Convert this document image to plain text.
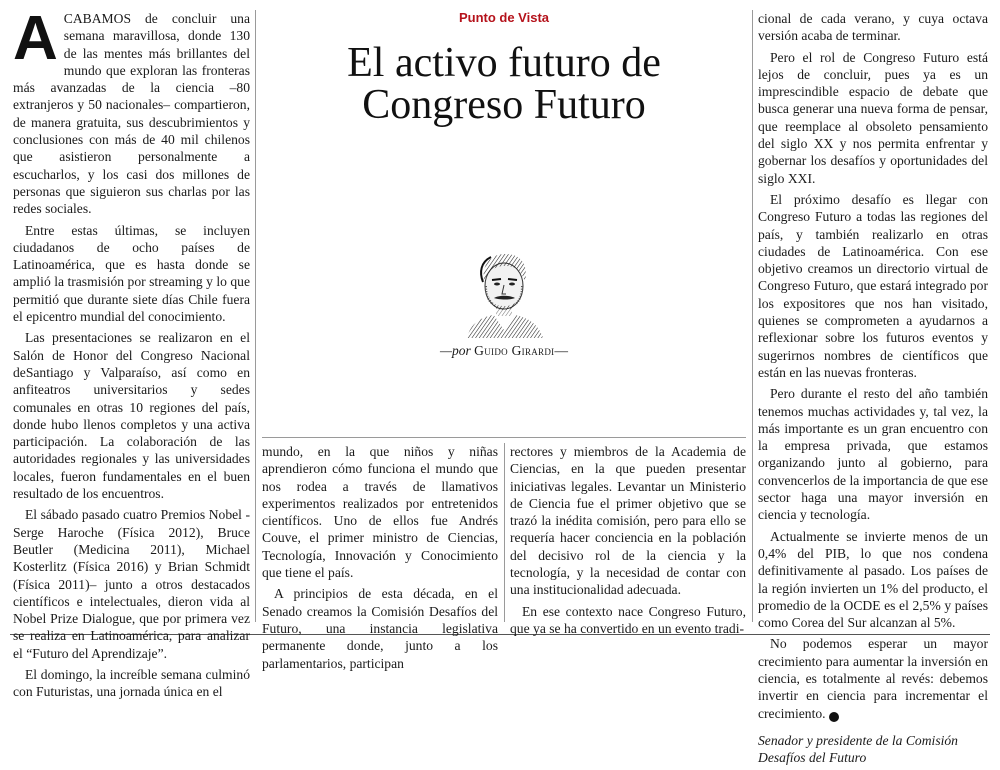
ACABAMOS de concluir una semana maravillosa, donde 130 de las mentes más brillantes del mundo que exploran las fronteras más avanzadas de la ciencia –80 extranjeros y 50 nacionales– compartieron, de manera gratuita, sus descubrimientos y conclusiones con más de 40 mil chilenos que asistieron personalmente a escucharlos, y los casi dos millones de personas que siguieron sus charlas por las redes sociales.

Entre estas últimas, se incluyen ciudadanos de ocho países de Latinoamérica, que es hasta donde se amplió la trasmisión por streaming y lo que permitió que durante siete días Chile fuera el epicentro mundial del conocimiento.

Las presentaciones se realizaron en el Salón de Honor del Congreso Nacional deSantiago y Valparaíso, así como en anfiteatros universitarios y sedes comunales en otras 10 regiones del país, donde hubo llenos completos y una activa participación. La colaboración de las autoridades regionales y las universidades locales, fueron fundamentales en el buen resultado de los encuentros.

El sábado pasado cuatro Premios Nobel - Serge Haroche (Física 2012), Bruce Beutler (Medicina 2011), Michael Kosterlitz (Física 2016) y Brian Schmidt (Física 2011)– junto a otros destacados científicos e intelectuales, dieron vida al Nobel Prize Dialogue, que por primera vez se realiza en Latinoamérica, para analizar el “Futuro del Aprendizaje”.

El domingo, la increíble semana culminó con Futuristas, una jornada única en el

Punto de Vista
El activo futuro de Congreso Futuro
—por Guido Girardi—

mundo, en la que niños y niñas aprendieron cómo funciona el mundo que nos rodea a través de llamativos experimentos realizados por entretenidos científicos. Uno de ellos fue Andrés Couve, el primer ministro de Ciencias, Tecnología, Innovación y Conocimiento que tiene el país.

A principios de esta década, en el Senado creamos la Comisión Desafíos del Futuro, una instancia legislativa permanente donde, junto a los parlamentarios, participan

rectores y miembros de la Academia de Ciencias, en la que pueden presentar iniciativas legales. Levantar un Ministerio de Ciencia fue el primer objetivo que se trazó la inédita comisión, pero para ello se requería hacer conciencia en la población del decisivo rol de la ciencia y la tecnología, y la necesidad de contar con una institucionalidad adecuada.

En ese contexto nace Congreso Futuro, que ya se ha convertido en un evento tradi-

cional de cada verano, y cuya octava versión acaba de terminar.

Pero el rol de Congreso Futuro está lejos de concluir, pues ya es un imprescindible espacio de debate que busca generar una nueva forma de pensar, que reemplace al obsoleto pensamiento del siglo XX y nos permita enfrentar y gobernar los desafíos y oportunidades del siglo XXI.

El próximo desafío es llegar con Congreso Futuro a todas las regiones del país, y también realizarlo en otras ciudades de Latinoamérica. Con ese objetivo creamos un directorio virtual de Congreso Futuro, que estará integrado por los expositores que nos han visitado, quienes se comprometen a ayudarnos a reflexionar sobre los futuros eventos y sugerirnos nombres de científicos que están en las nuevas fronteras.

Pero durante el resto del año también tenemos muchas actividades y, tal vez, la más importante es un gran encuentro con la empresa privada, que estamos organizando junto al gobierno, para convencerlos de la importancia de que ese sector haga una mayor inversión en ciencia y tecnología.

Actualmente se invierte menos de un 0,4% del PIB, lo que nos condena definitivamente al pasado. Los países de la región invierten un 1% del producto, el promedio de la OCDE es el 2,5% y países como Corea del Sur alcanzan al 5%.

No podemos esperar un mayor crecimiento para aumentar la inversión en ciencia, es totalmente al revés: debemos invertir en ciencia para incrementar el crecimiento. P

Senador y presidente de la Comisión Desafíos del Futuro
